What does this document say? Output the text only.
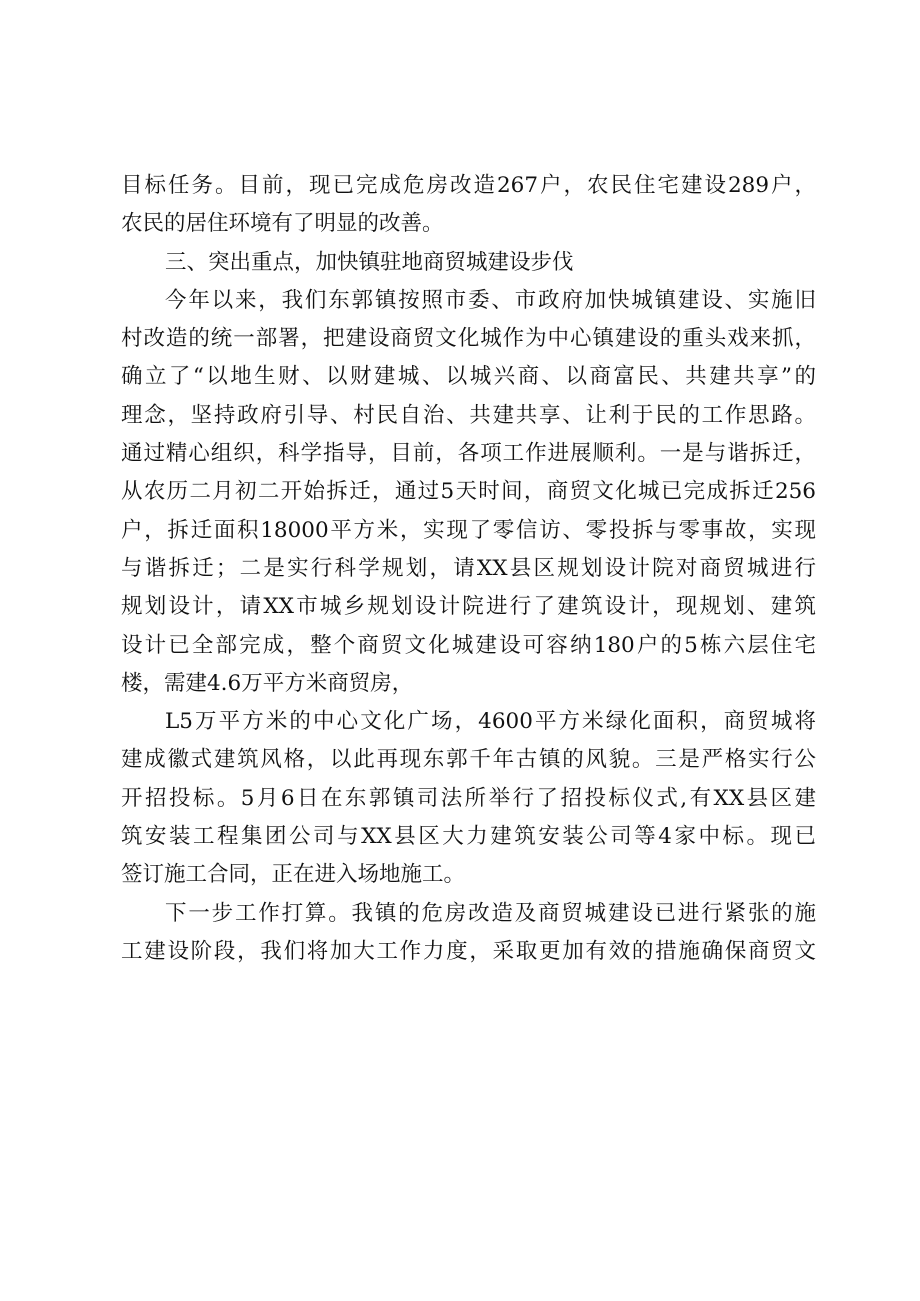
目标任务。目前，现已完成危房改造267户，农民住宅建设289户，
农民的居住环境有了明显的改善。
三、突出重点，加快镇驻地商贸城建设步伐
今年以来，我们东郭镇按照市委、市政府加快城镇建设、实施旧
村改造的统一部署，把建设商贸文化城作为中心镇建设的重头戏来抓，
确立了“以地生财、以财建城、以城兴商、以商富民、共建共享”的
理念，坚持政府引导、村民自治、共建共享、让利于民的工作思路。
通过精心组织，科学指导，目前，各项工作进展顺利。一是与谐拆迁，
从农历二月初二开始拆迁，通过5天时间，商贸文化城已完成拆迁256
户，拆迁面积18000平方米，实现了零信访、零投拆与零事故，实现
与谐拆迁；二是实行科学规划，请XX县区规划设计院对商贸城进行
规划设计，请XX市城乡规划设计院进行了建筑设计，现规划、建筑
设计已全部完成，整个商贸文化城建设可容纳180户的5栋六层住宅
楼，需建4.6万平方米商贸房，
L5万平方米的中心文化广场，4600平方米绿化面积，商贸城将
建成徽式建筑风格，以此再现东郭千年古镇的风貌。三是严格实行公
开招投标。5月6日在东郭镇司法所举行了招投标仪式,有XX县区建
筑安装工程集团公司与XX县区大力建筑安装公司等4家中标。现已
签订施工合同，正在进入场地施工。
下一步工作打算。我镇的危房改造及商贸城建设已进行紧张的施
工建设阶段，我们将加大工作力度，采取更加有效的措施确保商贸文
